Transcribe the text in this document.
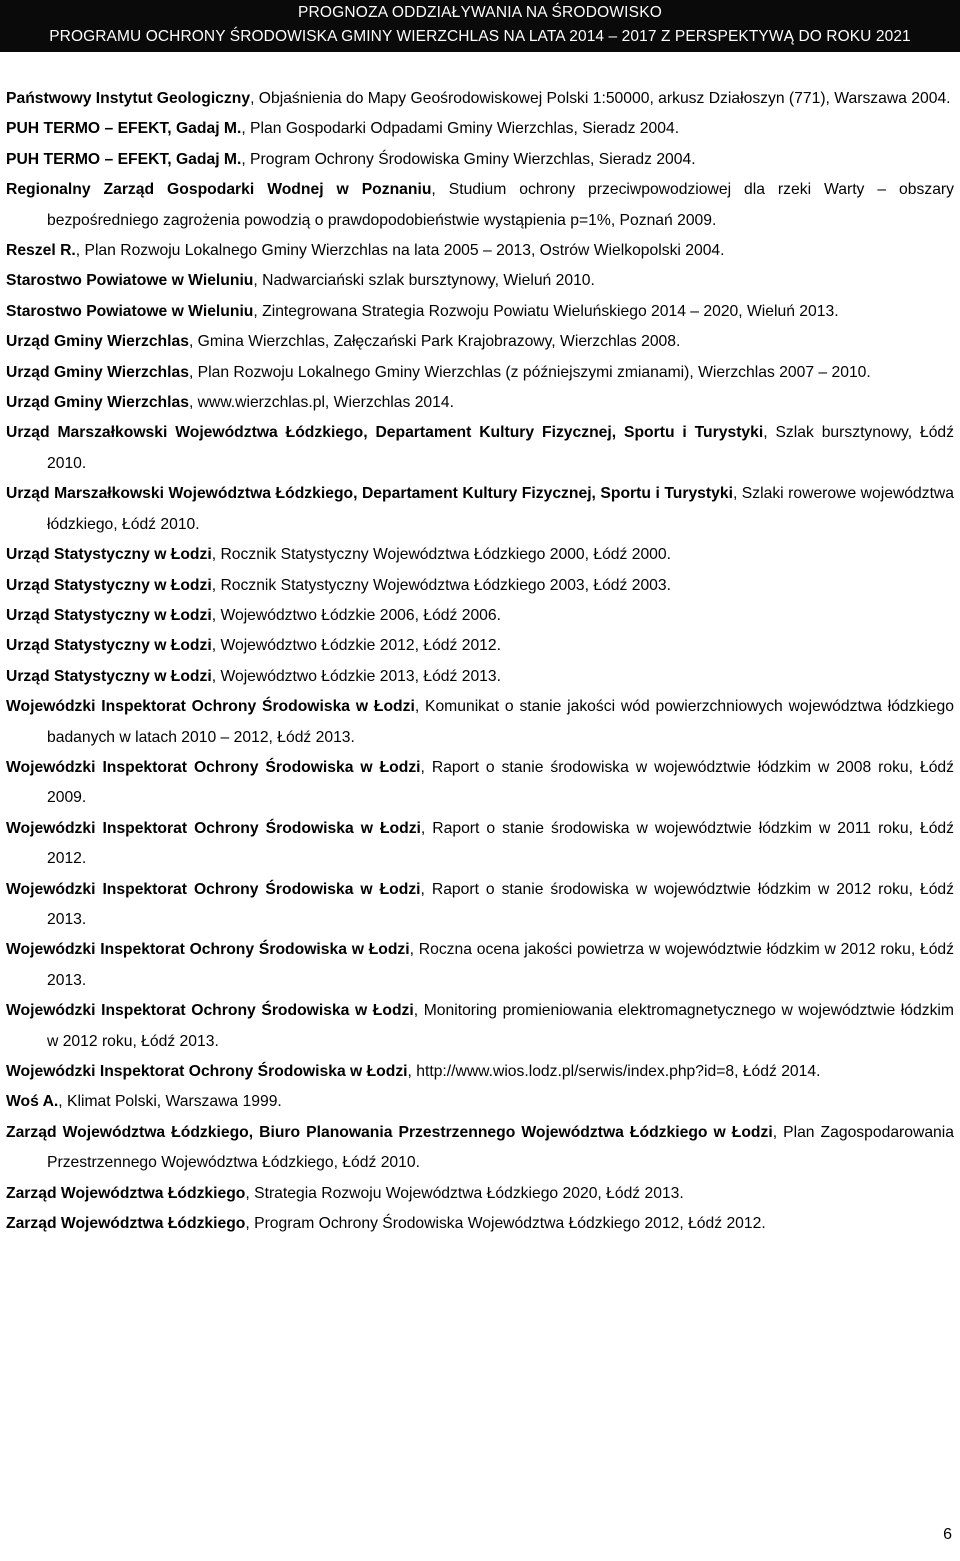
PROGNOZA ODDZIAŁYWANIA NA ŚRODOWISKO
PROGRAMU OCHRONY ŚRODOWISKA GMINY WIERZCHLAS NA LATA 2014 – 2017 Z PERSPEKTYWĄ DO ROKU 2021
Państwowy Instytut Geologiczny, Objaśnienia do Mapy Geośrodowiskowej Polski 1:50000, arkusz Działoszyn (771), Warszawa 2004.
PUH TERMO – EFEKT, Gadaj M., Plan Gospodarki Odpadami Gminy Wierzchlas, Sieradz 2004.
PUH TERMO – EFEKT, Gadaj M., Program Ochrony Środowiska Gminy Wierzchlas, Sieradz 2004.
Regionalny Zarząd Gospodarki Wodnej w Poznaniu, Studium ochrony przeciwpowodziowej dla rzeki Warty – obszary bezpośredniego zagrożenia powodzią o prawdopodobieństwie wystąpienia p=1%, Poznań 2009.
Reszel R., Plan Rozwoju Lokalnego Gminy Wierzchlas na lata 2005 – 2013, Ostrów Wielkopolski 2004.
Starostwo Powiatowe w Wieluniu, Nadwarciański szlak bursztynowy, Wieluń 2010.
Starostwo Powiatowe w Wieluniu, Zintegrowana Strategia Rozwoju Powiatu Wieluńskiego 2014 – 2020, Wieluń 2013.
Urząd Gminy Wierzchlas, Gmina Wierzchlas, Załęczański Park Krajobrazowy, Wierzchlas 2008.
Urząd Gminy Wierzchlas, Plan Rozwoju Lokalnego Gminy Wierzchlas (z późniejszymi zmianami), Wierzchlas 2007 – 2010.
Urząd Gminy Wierzchlas, www.wierzchlas.pl, Wierzchlas 2014.
Urząd Marszałkowski Województwa Łódzkiego, Departament Kultury Fizycznej, Sportu i Turystyki, Szlak bursztynowy, Łódź 2010.
Urząd Marszałkowski Województwa Łódzkiego, Departament Kultury Fizycznej, Sportu i Turystyki, Szlaki rowerowe województwa łódzkiego, Łódź 2010.
Urząd Statystyczny w Łodzi, Rocznik Statystyczny Województwa Łódzkiego 2000, Łódź 2000.
Urząd Statystyczny w Łodzi, Rocznik Statystyczny Województwa Łódzkiego 2003, Łódź 2003.
Urząd Statystyczny w Łodzi, Województwo Łódzkie 2006, Łódź 2006.
Urząd Statystyczny w Łodzi, Województwo Łódzkie 2012, Łódź 2012.
Urząd Statystyczny w Łodzi, Województwo Łódzkie 2013, Łódź 2013.
Wojewódzki Inspektorat Ochrony Środowiska w Łodzi, Komunikat o stanie jakości wód powierzchniowych województwa łódzkiego badanych w latach 2010 – 2012, Łódź 2013.
Wojewódzki Inspektorat Ochrony Środowiska w Łodzi, Raport o stanie środowiska w województwie łódzkim w 2008 roku, Łódź 2009.
Wojewódzki Inspektorat Ochrony Środowiska w Łodzi, Raport o stanie środowiska w województwie łódzkim w 2011 roku, Łódź 2012.
Wojewódzki Inspektorat Ochrony Środowiska w Łodzi, Raport o stanie środowiska w województwie łódzkim w 2012 roku, Łódź 2013.
Wojewódzki Inspektorat Ochrony Środowiska w Łodzi, Roczna ocena jakości powietrza w województwie łódzkim w 2012 roku, Łódź 2013.
Wojewódzki Inspektorat Ochrony Środowiska w Łodzi, Monitoring promieniowania elektromagnetycznego w województwie łódzkim w 2012 roku, Łódź 2013.
Wojewódzki Inspektorat Ochrony Środowiska w Łodzi, http://www.wios.lodz.pl/serwis/index.php?id=8, Łódź 2014.
Woś A., Klimat Polski, Warszawa 1999.
Zarząd Województwa Łódzkiego, Biuro Planowania Przestrzennego Województwa Łódzkiego w Łodzi, Plan Zagospodarowania Przestrzennego Województwa Łódzkiego, Łódź 2010.
Zarząd Województwa Łódzkiego, Strategia Rozwoju Województwa Łódzkiego 2020, Łódź 2013.
Zarząd Województwa Łódzkiego, Program Ochrony Środowiska Województwa Łódzkiego 2012, Łódź 2012.
6
